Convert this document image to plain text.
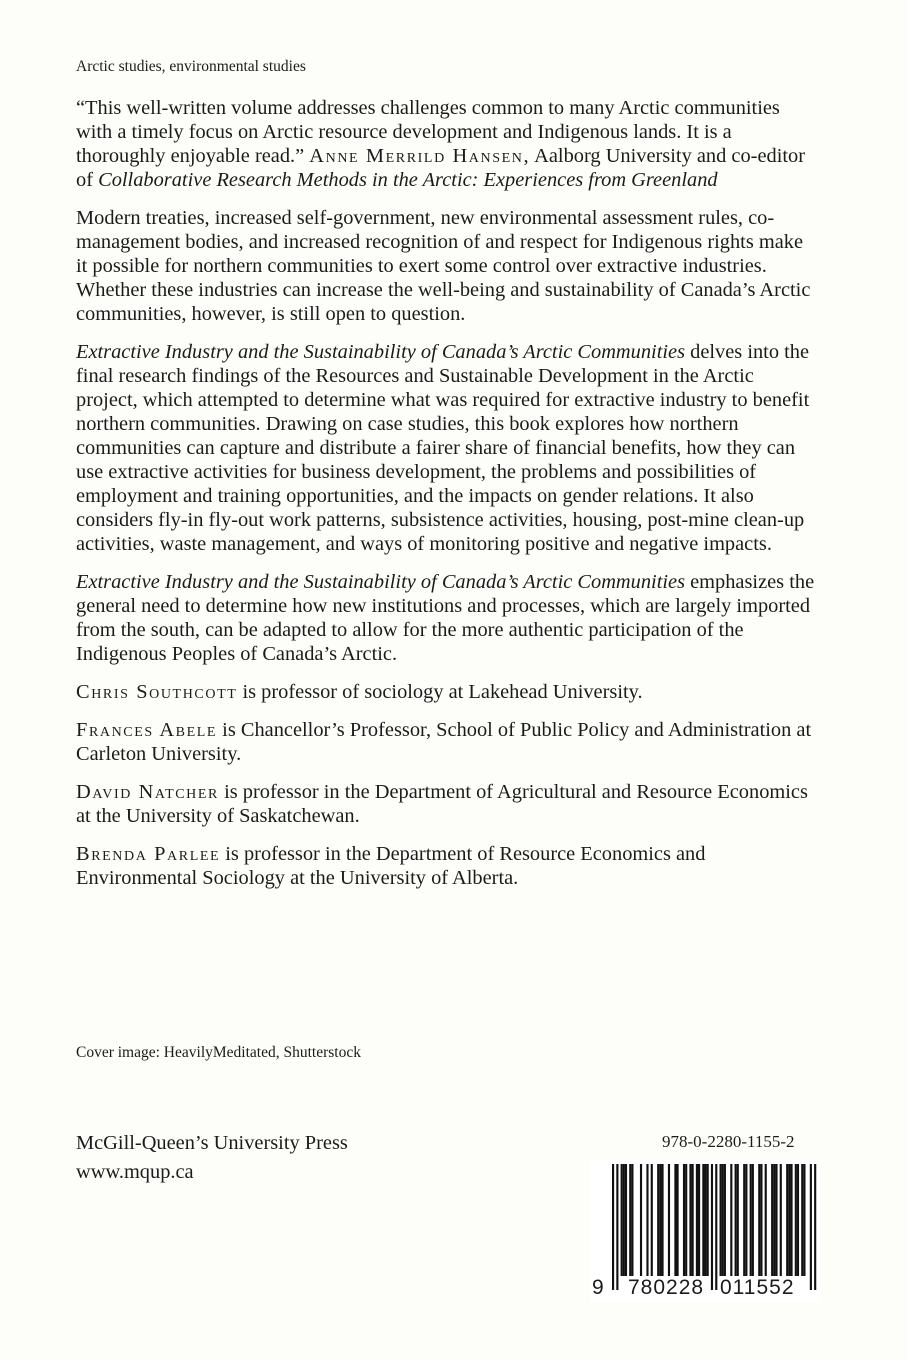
Arctic studies, environmental studies

“This well-written volume addresses challenges common to many Arctic communities with a timely focus on Arctic resource development and Indigenous lands. It is a thoroughly enjoyable read.” Anne Merrild Hansen, Aalborg University and co-editor of Collaborative Research Methods in the Arctic: Experiences from Greenland

Modern treaties, increased self-government, new environmental assessment rules, co-management bodies, and increased recognition of and respect for Indigenous rights make it possible for northern communities to exert some control over extractive industries. Whether these industries can increase the well-being and sustainability of Canada’s Arctic communities, however, is still open to question.

Extractive Industry and the Sustainability of Canada’s Arctic Communities delves into the final research findings of the Resources and Sustainable Development in the Arctic project, which attempted to determine what was required for extractive industry to benefit northern communities. Drawing on case studies, this book explores how northern communities can capture and distribute a fairer share of financial benefits, how they can use extractive activities for business development, the problems and possibilities of employment and training opportunities, and the impacts on gender relations. It also considers fly-in fly-out work patterns, subsistence activities, housing, post-mine clean-up activities, waste management, and ways of monitoring positive and negative impacts.

Extractive Industry and the Sustainability of Canada’s Arctic Communities emphasizes the general need to determine how new institutions and processes, which are largely imported from the south, can be adapted to allow for the more authentic participation of the Indigenous Peoples of Canada’s Arctic.

Chris Southcott is professor of sociology at Lakehead University.

Frances Abele is Chancellor’s Professor, School of Public Policy and Administration at Carleton University.

David Natcher is professor in the Department of Agricultural and Resource Economics at the University of Saskatchewan.

Brenda Parlee is professor in the Department of Resource Economics and Environmental Sociology at the University of Alberta.

Cover image: HeavilyMeditated, Shutterstock
McGill-Queen’s University Press
www.mqup.ca
978-0-2280-1155-2
9 780228 011552
